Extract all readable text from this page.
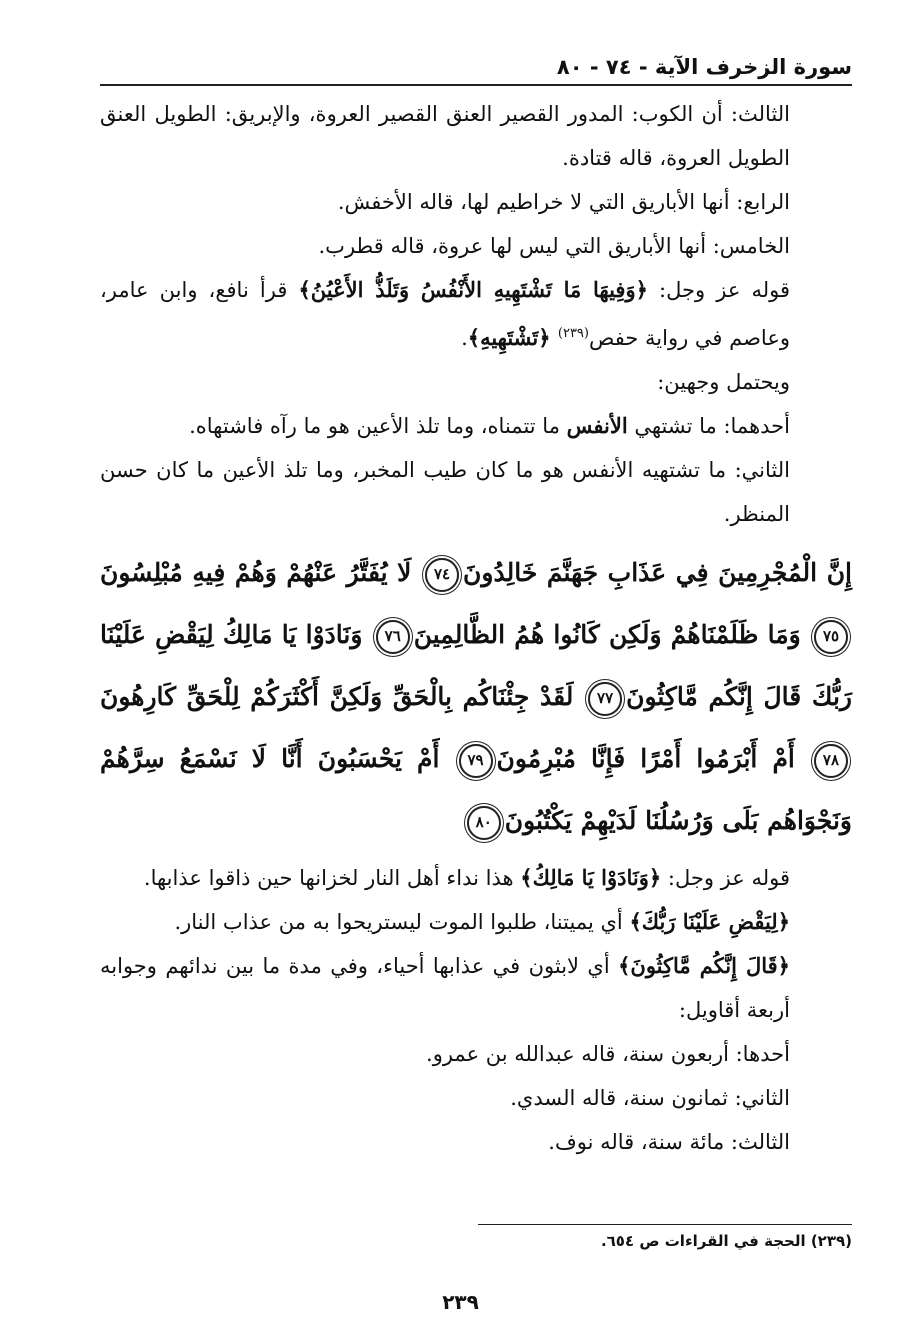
سورة الزخرف الآية - ٧٤ - ٨٠

الثالث: أن الكوب: المدور القصير العنق القصير العروة، والإبريق: الطويل العنق الطويل العروة، قاله قتادة.

الرابع: أنها الأباريق التي لا خراطيم لها، قاله الأخفش.

الخامس: أنها الأباريق التي ليس لها عروة، قاله قطرب.

قوله عز وجل: ﴿وَفِيهَا مَا تَشْتَهِيهِ الأَنْفُسُ وَتَلَذُّ الأَعْيُنُ﴾ قرأ نافع، وابن عامر، وعاصم في رواية حفص$^{(٢٣٩)}$ ﴿تَشْتَهِيهِ﴾.

ويحتمل وجهين:

أحدهما: ما تشتهي الأنفس ما تتمناه، وما تلذ الأعين هو ما رآه فاشتهاه.

الثاني: ما تشتهيه الأنفس هو ما كان طيب المخبر، وما تلذ الأعين ما كان حسن المنظر.

إِنَّ الْمُجْرِمِينَ فِي عَذَابِ جَهَنَّمَ خَالِدُونَ٧٤ لَا يُفَتَّرُ عَنْهُمْ وَهُمْ فِيهِ مُبْلِسُونَ٧٥ وَمَا ظَلَمْنَاهُمْ وَلَكِن كَانُوا هُمُ الظَّالِمِينَ٧٦ وَنَادَوْا يَا مَالِكُ لِيَقْضِ عَلَيْنَا رَبُّكَ قَالَ إِنَّكُم مَّاكِثُونَ٧٧ لَقَدْ جِئْنَاكُم بِالْحَقِّ وَلَكِنَّ أَكْثَرَكُمْ لِلْحَقِّ كَارِهُونَ٧٨ أَمْ أَبْرَمُوا أَمْرًا فَإِنَّا مُبْرِمُونَ٧٩ أَمْ يَحْسَبُونَ أَنَّا لَا نَسْمَعُ سِرَّهُمْ وَنَجْوَاهُم بَلَى وَرُسُلُنَا لَدَيْهِمْ يَكْتُبُونَ٨٠

قوله عز وجل: ﴿وَنَادَوْا يَا مَالِكُ﴾ هذا نداء أهل النار لخزانها حين ذاقوا عذابها.

﴿لِيَقْضِ عَلَيْنَا رَبُّكَ﴾ أي يميتنا، طلبوا الموت ليستريحوا به من عذاب النار.

﴿قَالَ إِنَّكُم مَّاكِثُونَ﴾ أي لابثون في عذابها أحياء، وفي مدة ما بين ندائهم وجوابه أربعة أقاويل:

أحدها: أربعون سنة، قاله عبدالله بن عمرو.

الثاني: ثمانون سنة، قاله السدي.

الثالث: مائة سنة، قاله نوف.

(٢٣٩) الحجة في القراءات ص ٦٥٤.
٢٣٩
